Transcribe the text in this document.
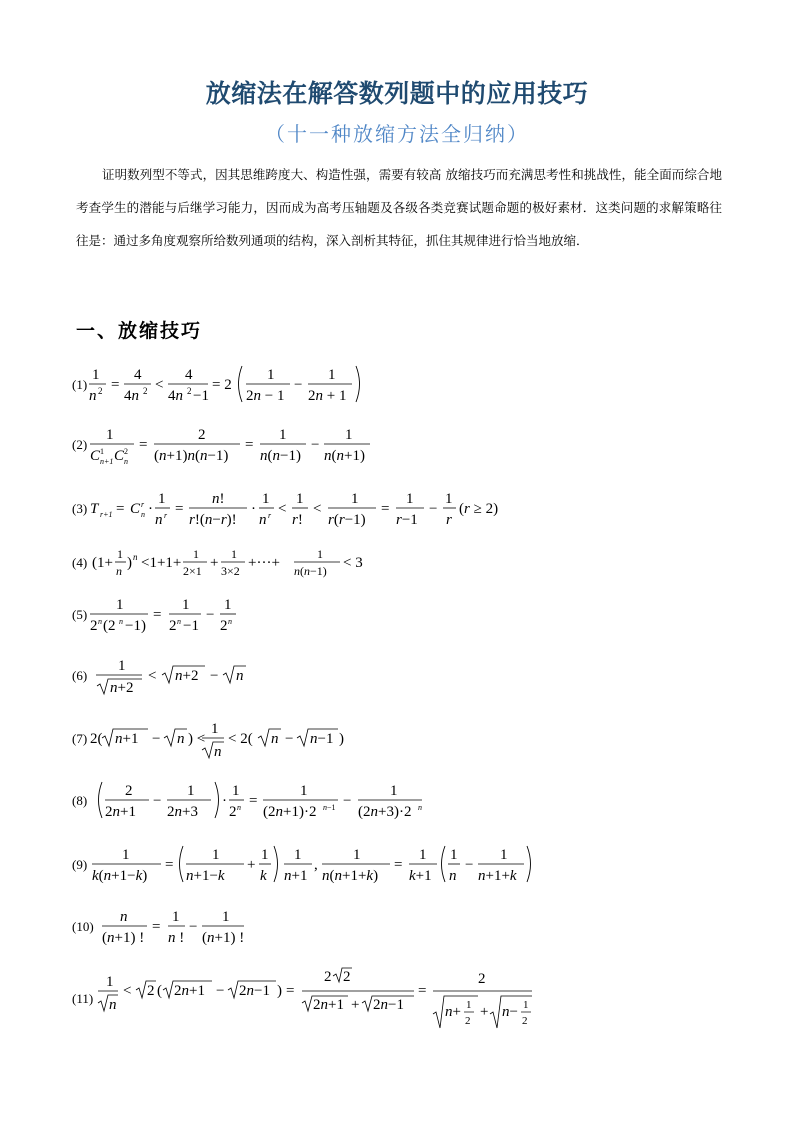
放缩法在解答数列题中的应用技巧
（十一种放缩方法全归纳）

证明数列型不等式，因其思维跨度大、构造性强，需要有较高 放缩技巧而充满思考性和挑战性，能全面而综合地考查学生的潜能与后继学习能力，因而成为高考压轴题及各级各类竞赛试题命题的极好素材．这类问题的求解策略往往是：通过多角度观察所给数列通项的结构，深入剖析其特征，抓住其规律进行恰当地放缩．

一、放缩技巧
(1)
1
n 2 =
4
4n 2 <
4
4n 2 −1
= 2
1
2n − 1
−
1
2n + 1
(2)
1
C 1
n+1 C 2
n
=
2
(n+1)n(n−1)
=
1
n(n−1)
−
1
n(n+1)
(3) T r+1 = C r
n ·
1
n r =
n!
r!(n−r)!
·
1
n r <
1
r!
<
1
r(r−1)
=
1
r−1
−
1
r
(r ≥ 2)
(4) (1+
1
n ) n <1+1+
1
2×1 +
1
3×2 +···+
1
n(n−1) < 3
(5)
1
2 n (2 n −1)
=
1
2 n −1
−
1
2 n
(6)
1
n+2
< n+2 − n
(7) 2( n+1 − n ) <
1
n
< 2( n − n−1 )
(8)
2
2n+1
−
1
2n+3
·
1
2 n =
1
(2n+1)·2 n−1 −
1
(2n+3)·2 n
(9)
1
k(n+1−k)
=
1
n+1−k
+
1
k
1
n+1
,
1
n(n+1+k)
=
1
k+1
1
n
−
1
n+1+k
(10)
n
(n+1) !
=
1
n !
−
1
(n+1) !
(11)
1
n
< 2 ( 2n+1 − 2n−1 ) =
2 2
2n+1 + 2n−1
=
2
n+ 1
2
+ n− 1
2
